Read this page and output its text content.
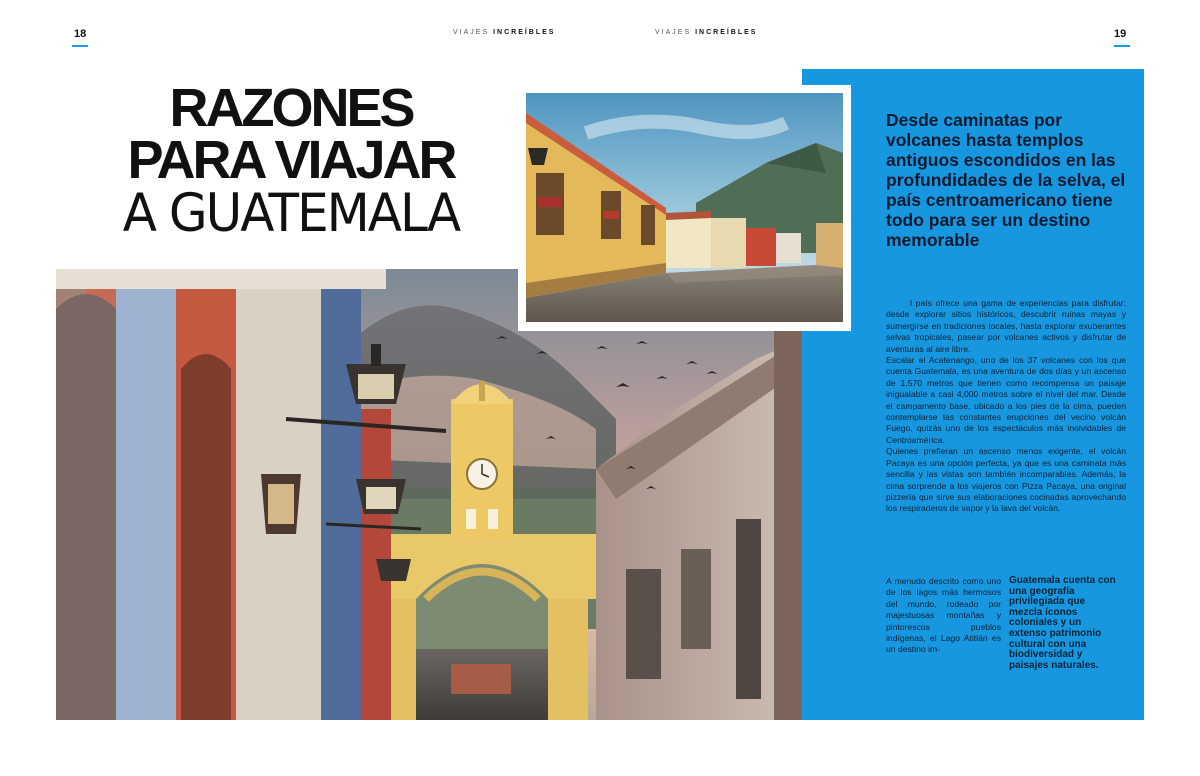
18	19
VIAJES INCREÍBLES	VIAJES INCREÍBLES
RAZONES
PARA VIAJAR
A GUATEMALA
Desde caminatas por volcanes hasta templos antiguos escondidos en las profundidades de la selva, el país centroamericano tiene todo para ser un destino memorable

l país ofrece una gama de experiencias para disfrutar: desde explorar sitios históricos, descubrir ruinas mayas y sumergirse en tradiciones locales, hasta explorar exuberantes selvas tropicales, pasear por volcanes activos y disfrutar de aventuras al aire libre.

Escalar el Acatenango, uno de los 37 volcanes con los que cuenta Guatemala, es una aventura de dos días y un ascenso de 1,570 metros que tienen como recompensa un paisaje inigualable a casi 4,000 metros sobre el nivel del mar. Desde el campamento base, ubicado a los pies de la cima, pueden contemplarse las constantes erupciones del vecino volcán Fuego, quizás uno de los espectáculos más inolvidables de Centroamérica.

Quienes prefieran un ascenso menos exigente, el volcán Pacaya es una opción perfecta, ya que es una caminata más sencilla y las vistas son también incomparables. Además, la cima sorprende a los viajeros con Pizza Pacaya, una original pizzería que sirve sus elaboraciones cocinadas aprovechando los respiraderos de vapor y la lava del volcán.

A menudo descrito como uno de los lagos más hermosos del mundo, rodeado por majestuosas montañas y pintorescos pueblos indígenas, el Lago Atitlán es un destino im-
Guatemala cuenta con una geografía privilegiada que mezcla íconos coloniales y un extenso patrimonio cultural con una biodiversidad y paisajes naturales.
